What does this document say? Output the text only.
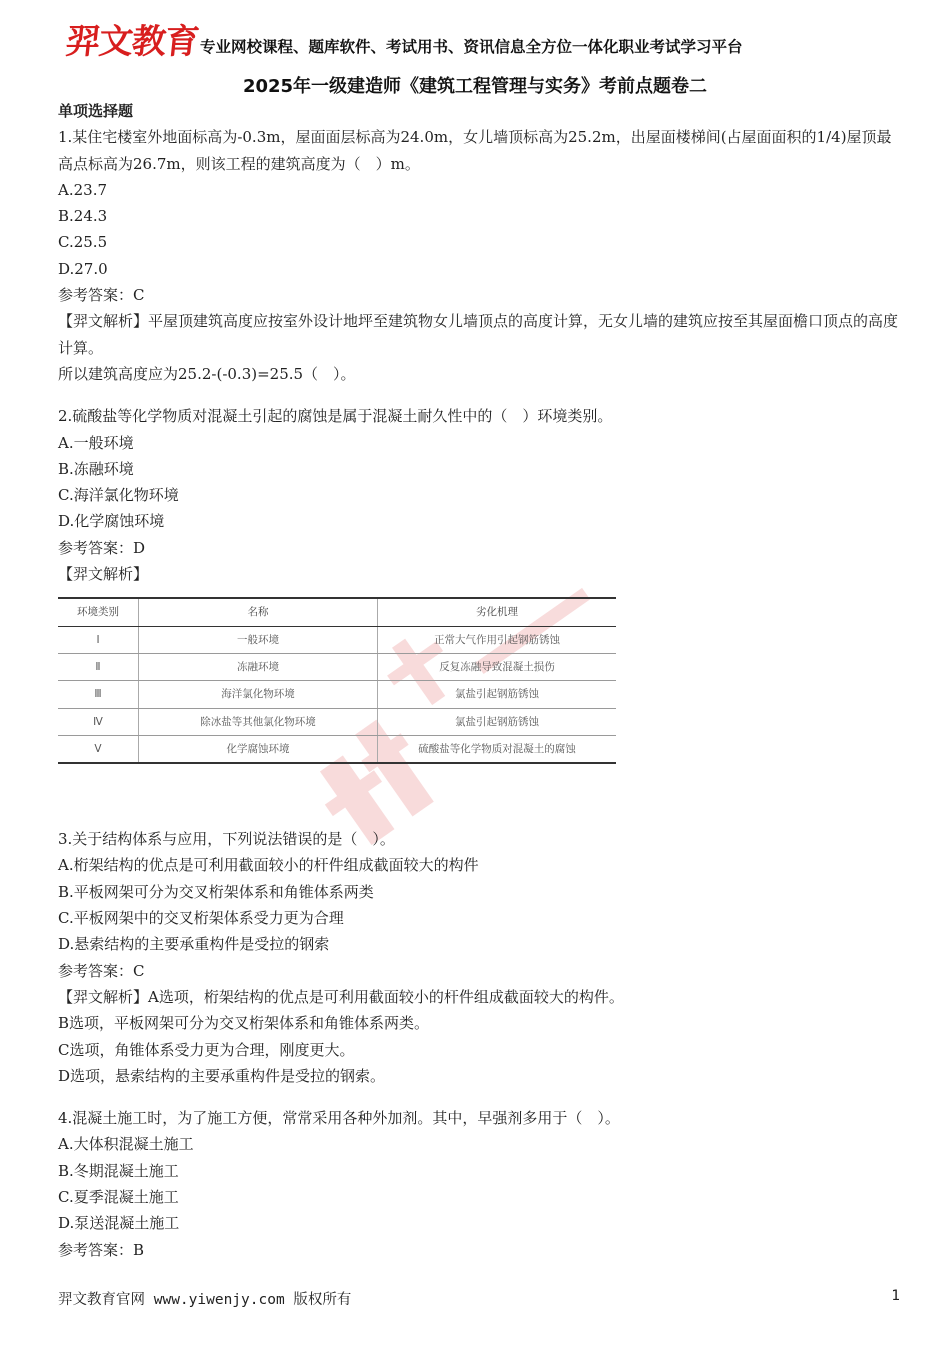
羿文教育 专业网校课程、题库软件、考试用书、资讯信息全方位一体化职业考试学习平台
2025年一级建造师《建筑工程管理与实务》考前点题卷二
单项选择题
1.某住宅楼室外地面标高为-0.3m，屋面面层标高为24.0m，女儿墙顶标高为25.2m，出屋面楼梯间(占屋面面积的1/4)屋顶最高点标高为26.7m，则该工程的建筑高度为（　）m。
A.23.7
B.24.3
C.25.5
D.27.0
参考答案：C
【羿文解析】平屋顶建筑高度应按室外设计地坪至建筑物女儿墙顶点的高度计算，无女儿墙的建筑应按至其屋面檐口顶点的高度计算。
所以建筑高度应为25.2-(-0.3)=25.5（　）。
2.硫酸盐等化学物质对混凝土引起的腐蚀是属于混凝土耐久性中的（　）环境类别。
A.一般环境
B.冻融环境
C.海洋氯化物环境
D.化学腐蚀环境
参考答案：D
【羿文解析】
环境类别	名称	劣化机理
Ⅰ	一般环境	正常大气作用引起钢筋锈蚀
Ⅱ	冻融环境	反复冻融导致混凝土损伤
Ⅲ	海洋氯化物环境	氯盐引起钢筋锈蚀
Ⅳ	除冰盐等其他氯化物环境	氯盐引起钢筋锈蚀
Ⅴ	化学腐蚀环境	硫酸盐等化学物质对混凝土的腐蚀
3.关于结构体系与应用，下列说法错误的是（　）。
A.桁架结构的优点是可利用截面较小的杆件组成截面较大的构件
B.平板网架可分为交叉桁架体系和角锥体系两类
C.平板网架中的交叉桁架体系受力更为合理
D.悬索结构的主要承重构件是受拉的钢索
参考答案：C
【羿文解析】A选项，桁架结构的优点是可利用截面较小的杆件组成截面较大的构件。
B选项，平板网架可分为交叉桁架体系和角锥体系两类。
C选项，角锥体系受力更为合理，刚度更大。
D选项，悬索结构的主要承重构件是受拉的钢索。
4.混凝土施工时，为了施工方便，常常采用各种外加剂。其中，早强剂多用于（　）。
A.大体积混凝土施工
B.冬期混凝土施工
C.夏季混凝土施工
D.泵送混凝土施工
参考答案：B
羿文教育官网 www.yiwenjy.com 版权所有	1
